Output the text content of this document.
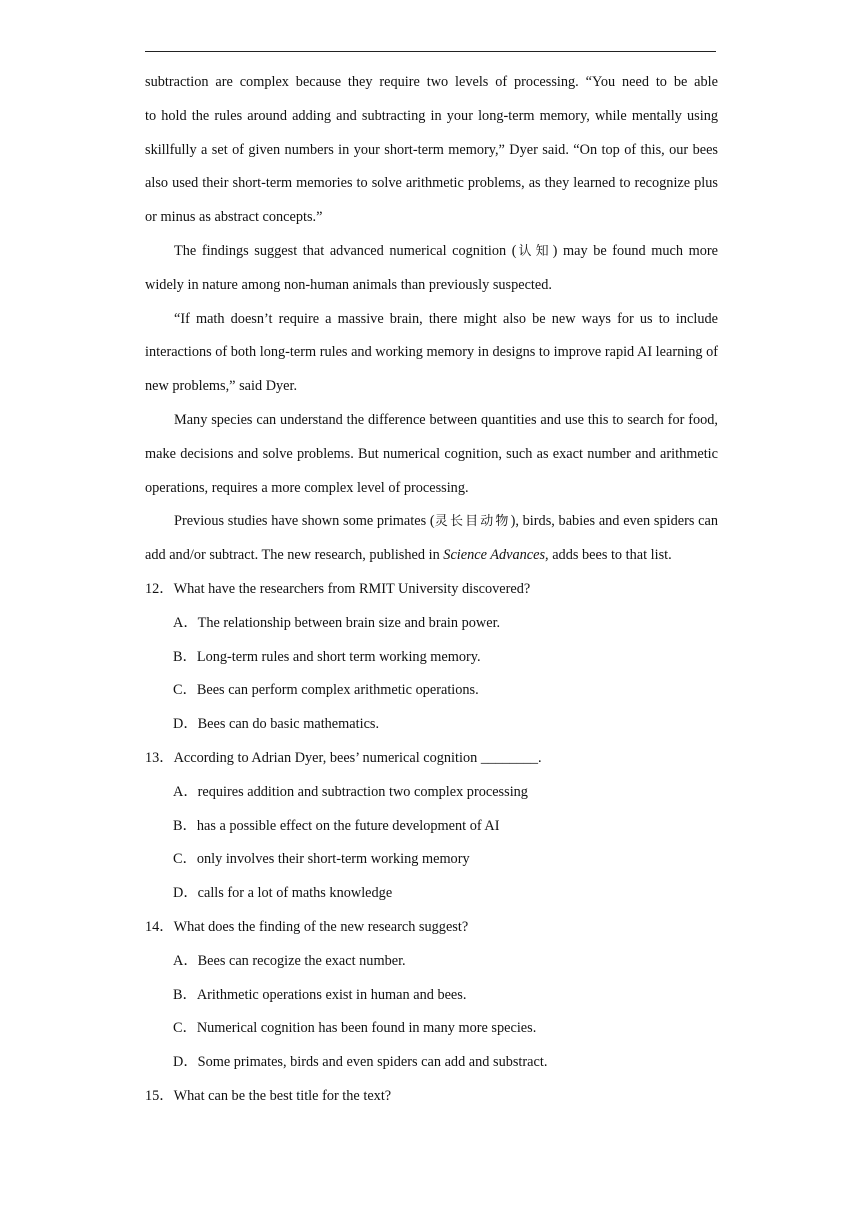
subtraction are complex because they require two levels of processing. “You need to be able

to hold the rules around adding and subtracting in your long-term memory, while mentally using skillfully a set of given numbers in your short-term memory,” Dyer said. “On top of this, our bees also used their short-term memories to solve arithmetic problems, as they learned to recognize plus or minus as abstract concepts.”

The findings suggest that advanced numerical cognition (认知) may be found much more widely in nature among non-human animals than previously suspected.

“If math doesn’t require a massive brain, there might also be new ways for us to include interactions of both long-term rules and working memory in designs to improve rapid AI learning of new problems,” said Dyer.

Many species can understand the difference between quantities and use this to search for food, make decisions and solve problems. But numerical cognition, such as exact number and arithmetic operations, requires a more complex level of processing.

Previous studies have shown some primates (灵长目动物), birds, babies and even spiders can add and/or subtract. The new research, published in Science Advances, adds bees to that list.

12．What have the researchers from RMIT University discovered?

A．The relationship between brain size and brain power.

B．Long-term rules and short term working memory.

C．Bees can perform complex arithmetic operations.

D．Bees can do basic mathematics.

13．According to Adrian Dyer, bees’ numerical cognition ________.

A．requires addition and subtraction two complex processing

B．has a possible effect on the future development of AI

C．only involves their short-term working memory

D．calls for a lot of maths knowledge

14．What does the finding of the new research suggest?

A．Bees can recogize the exact number.

B．Arithmetic operations exist in human and bees.

C．Numerical cognition has been found in many more species.

D．Some primates, birds and even spiders can add and substract.

15．What can be the best title for the text?
